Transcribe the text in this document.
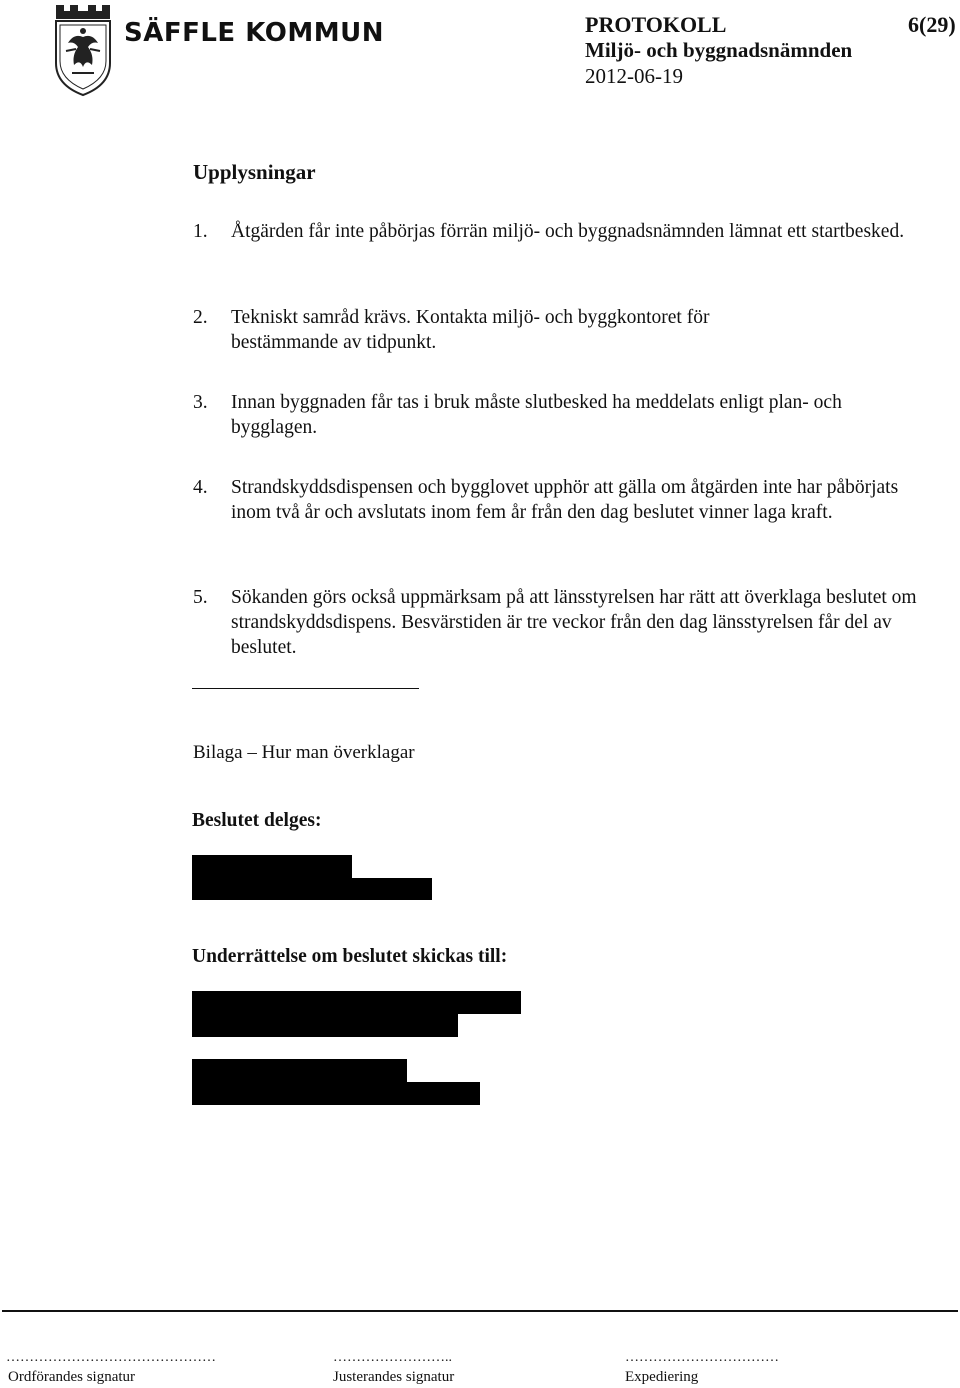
SÄFFLE KOMMUN	PROTOKOLL	6(29)
Miljö- och byggnadsnämnden
2012-06-19
Upplysningar
1. Åtgärden får inte påbörjas förrän miljö- och byggnadsnämnden lämnat ett startbesked.
2. Tekniskt samråd krävs. Kontakta miljö- och byggkontoret för bestämmande av tidpunkt.
3. Innan byggnaden får tas i bruk måste slutbesked ha meddelats enligt plan- och bygglagen.
4. Strandskyddsdispensen och bygglovet upphör att gälla om åtgärden inte har påbörjats inom två år och avslutats inom fem år från den dag beslutet vinner laga kraft.
5. Sökanden görs också uppmärksam på att länsstyrelsen har rätt att överklaga beslutet om strandskyddsdispens. Besvärstiden är tre veckor från den dag länsstyrelsen får del av beslutet.
Bilaga – Hur man överklagar
Beslutet delges:
Underrättelse om beslutet skickas till:
………………………………………	……………………..	……………………………
Ordförandes signatur	Justerandes signatur	Expediering
